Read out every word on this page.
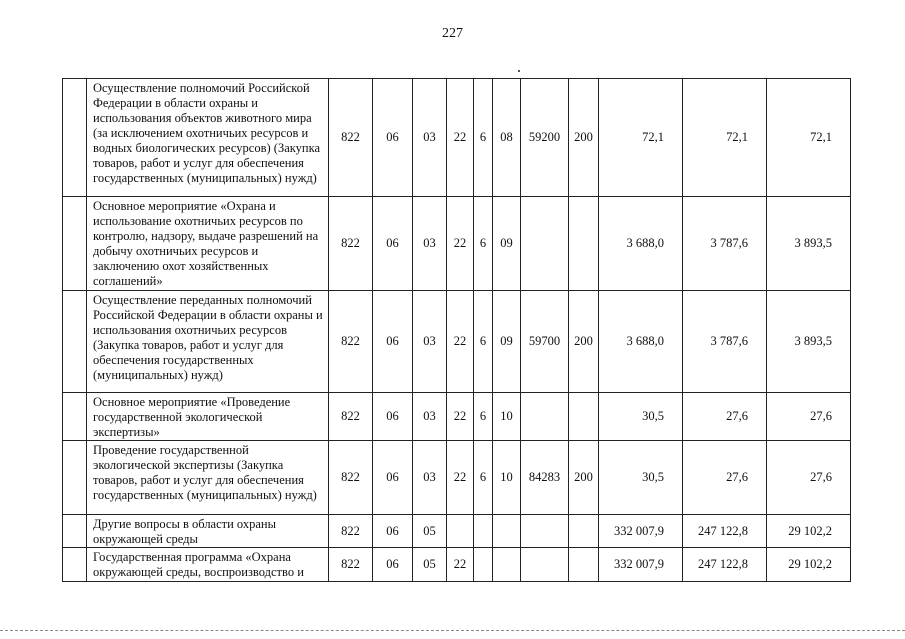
227
	Осуществление полномочий Российской Федерации в области охраны и использования объектов животного мира (за исключением охотничьих ресурсов и водных биологических ресурсов) (Закупка товаров, работ и услуг для обеспечения государственных (муниципальных) нужд)	822	06	03	22	6	08	59200	200	72,1	72,1	72,1
	Основное мероприятие «Охрана и использование охотничьих ресурсов по контролю, надзору, выдаче разрешений на добычу охотничьих ресурсов и заключению охот хозяйственных соглашений»	822	06	03	22	6	09			3 688,0	3 787,6	3 893,5
	Осуществление переданных полномочий Российской Федерации в области охраны и использования охотничьих ресурсов (Закупка товаров, работ и услуг для обеспечения государственных (муниципальных) нужд)	822	06	03	22	6	09	59700	200	3 688,0	3 787,6	3 893,5
	Основное мероприятие «Проведение государственной экологической экспертизы»	822	06	03	22	6	10			30,5	27,6	27,6
	Проведение государственной экологической экспертизы (Закупка товаров, работ и услуг для обеспечения государственных (муниципальных) нужд)	822	06	03	22	6	10	84283	200	30,5	27,6	27,6
	Другие вопросы в области охраны окружающей среды	822	06	05						332 007,9	247 122,8	29 102,2
	Государственная программа «Охрана окружающей среды, воспроизводство и	822	06	05	22					332 007,9	247 122,8	29 102,2
